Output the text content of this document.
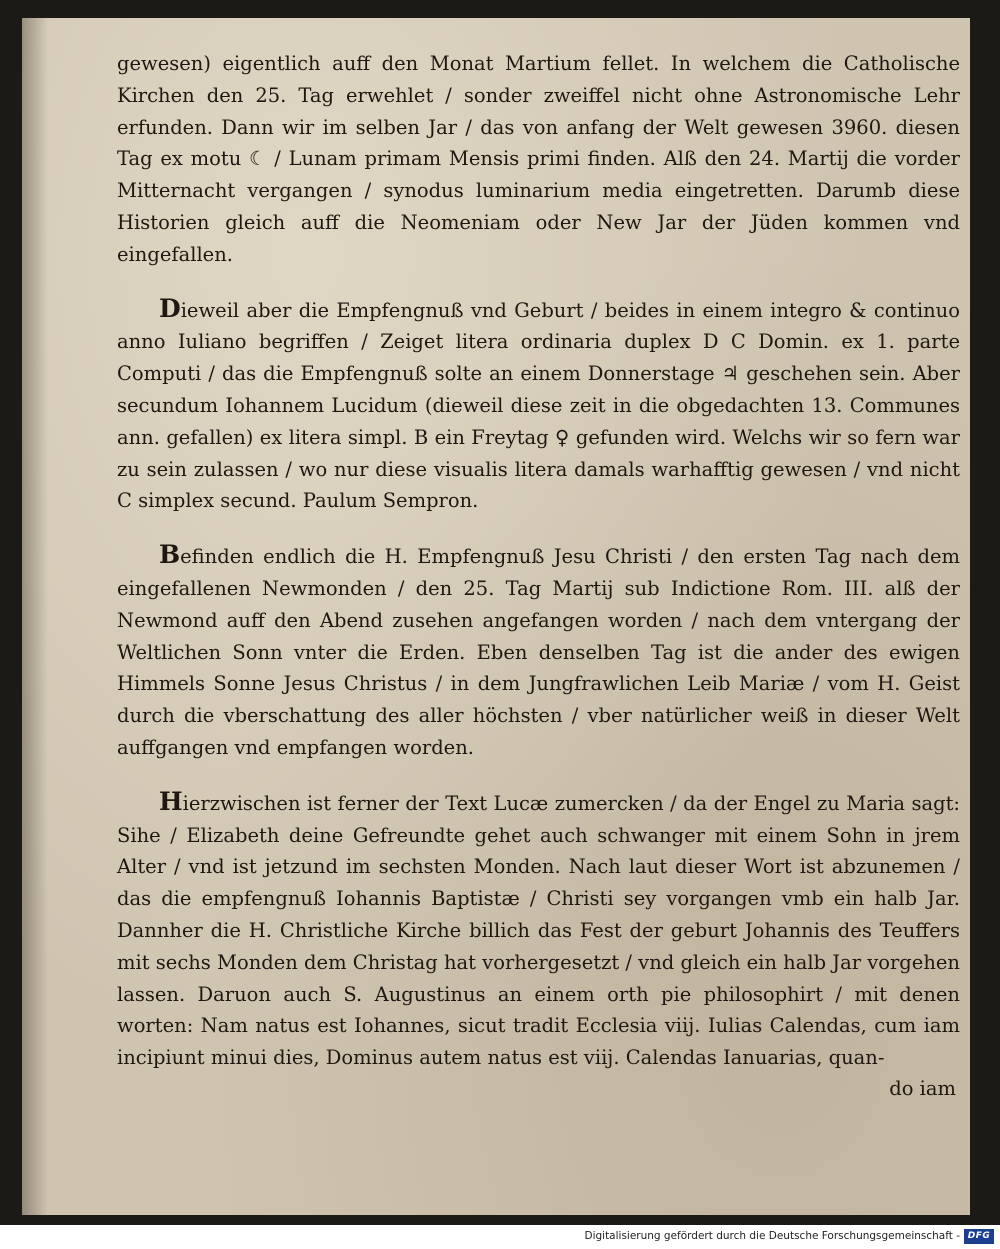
gewesen) eigentlich auff den Monat Martium fellet. In welchem die Catholische Kirchen den 25. Tag erwehlet / sonder zweiffel nicht ohne Astronomische Lehr erfunden. Dann wir im selben Jar / das von anfang der Welt gewesen 3960. diesen Tag ex motu ☾ / Lunam primam Mensis primi finden. Alß den 24. Martij die vorder Mitternacht vergangen / synodus luminarium media eingetretten. Darumb diese Historien gleich auff die Neomeniam oder New Jar der Jüden kommen vnd eingefallen.

Dieweil aber die Empfengnuß vnd Geburt / beides in einem integro & continuo anno Iuliano begriffen / Zeiget litera ordinaria duplex D C Domin. ex 1. parte Computi / das die Empfengnuß solte an einem Donnerstage ♃ geschehen sein. Aber secundum Iohannem Lucidum (dieweil diese zeit in die obgedachten 13. Communes ann. gefallen) ex litera simpl. B ein Freytag ♀ gefunden wird. Welchs wir so fern war zu sein zulassen / wo nur diese visualis litera damals warhafftig gewesen / vnd nicht C simplex secund. Paulum Sempron.

Befinden endlich die H. Empfengnuß Jesu Christi / den ersten Tag nach dem eingefallenen Newmonden / den 25. Tag Martij sub Indictione Rom. III. alß der Newmond auff den Abend zusehen angefangen worden / nach dem vntergang der Weltlichen Sonn vnter die Erden. Eben denselben Tag ist die ander des ewigen Himmels Sonne Jesus Christus / in dem Jungfrawlichen Leib Mariæ / vom H. Geist durch die vberschattung des aller höchsten / vber natürlicher weiß in dieser Welt auffgangen vnd empfangen worden.

Hierzwischen ist ferner der Text Lucæ zumercken / da der Engel zu Maria sagt: Sihe / Elizabeth deine Gefreundte gehet auch schwanger mit einem Sohn in jrem Alter / vnd ist jetzund im sechsten Monden. Nach laut dieser Wort ist abzunemen / das die empfengnuß Iohannis Baptistæ / Christi sey vorgangen vmb ein halb Jar. Dannher die H. Christliche Kirche billich das Fest der geburt Johannis des Teuffers mit sechs Monden dem Christag hat vorhergesetzt / vnd gleich ein halb Jar vorgehen lassen. Daruon auch S. Augustinus an einem orth pie philosophirt / mit denen worten: Nam natus est Iohannes, sicut tradit Ecclesia viij. Iulias Calendas, cum iam incipiunt minui dies, Dominus autem natus est viij. Calendas Ianuarias, quan-

do iam

Digitalisierung gefördert durch die Deutsche Forschungsgemeinschaft - DFG
